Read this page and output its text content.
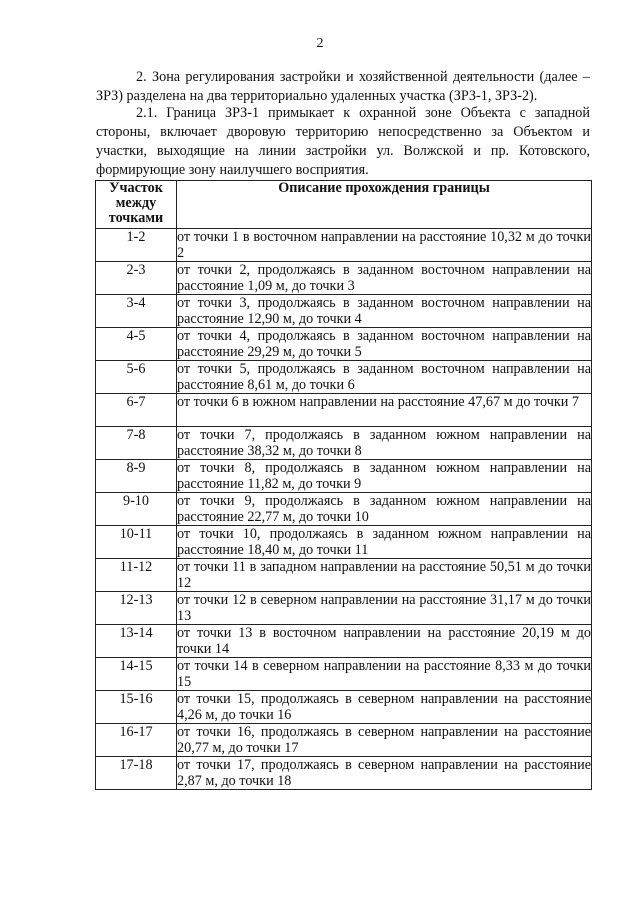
2

2. Зона регулирования застройки и хозяйственной деятельности (далее – ЗРЗ) разделена на два территориально удаленных участка (ЗРЗ-1, ЗРЗ-2).

2.1. Граница ЗРЗ-1 примыкает к охранной зоне Объекта с западной стороны, включает дворовую территорию непосредственно за Объектом и участки, выходящие на линии застройки ул. Волжской и пр. Котовского, формирующие зону наилучшего восприятия.

Участок между точками	Описание прохождения границы
1-2	от точки 1 в восточном направлении на расстояние 10,32 м до точки 2
2-3	от точки 2, продолжаясь в заданном восточном направлении на расстояние 1,09 м, до точки 3
3-4	от точки 3, продолжаясь в заданном восточном направлении на расстояние 12,90 м, до точки 4
4-5	от точки 4, продолжаясь в заданном восточном направлении на расстояние 29,29 м, до точки 5
5-6	от точки 5, продолжаясь в заданном восточном направлении на расстояние 8,61 м, до точки 6
6-7	от точки 6 в южном направлении на расстояние 47,67 м до точки 7
7-8	от точки 7, продолжаясь в заданном южном направлении на расстояние 38,32 м, до точки 8
8-9	от точки 8, продолжаясь в заданном южном направлении на расстояние 11,82 м, до точки 9
9-10	от точки 9, продолжаясь в заданном южном направлении на расстояние 22,77 м, до точки 10
10-11	от точки 10, продолжаясь в заданном южном направлении на расстояние 18,40 м, до точки 11
11-12	от точки 11 в западном направлении на расстояние 50,51 м до точки 12
12-13	от точки 12 в северном направлении на расстояние 31,17 м до точки 13
13-14	от точки 13 в восточном направлении на расстояние 20,19 м до точки 14
14-15	от точки 14 в северном направлении на расстояние 8,33 м до точки 15
15-16	от точки 15, продолжаясь в северном направлении на расстояние 4,26 м, до точки 16
16-17	от точки 16, продолжаясь в северном направлении на расстояние 20,77 м, до точки 17
17-18	от точки 17, продолжаясь в северном направлении на расстояние 2,87 м, до точки 18
